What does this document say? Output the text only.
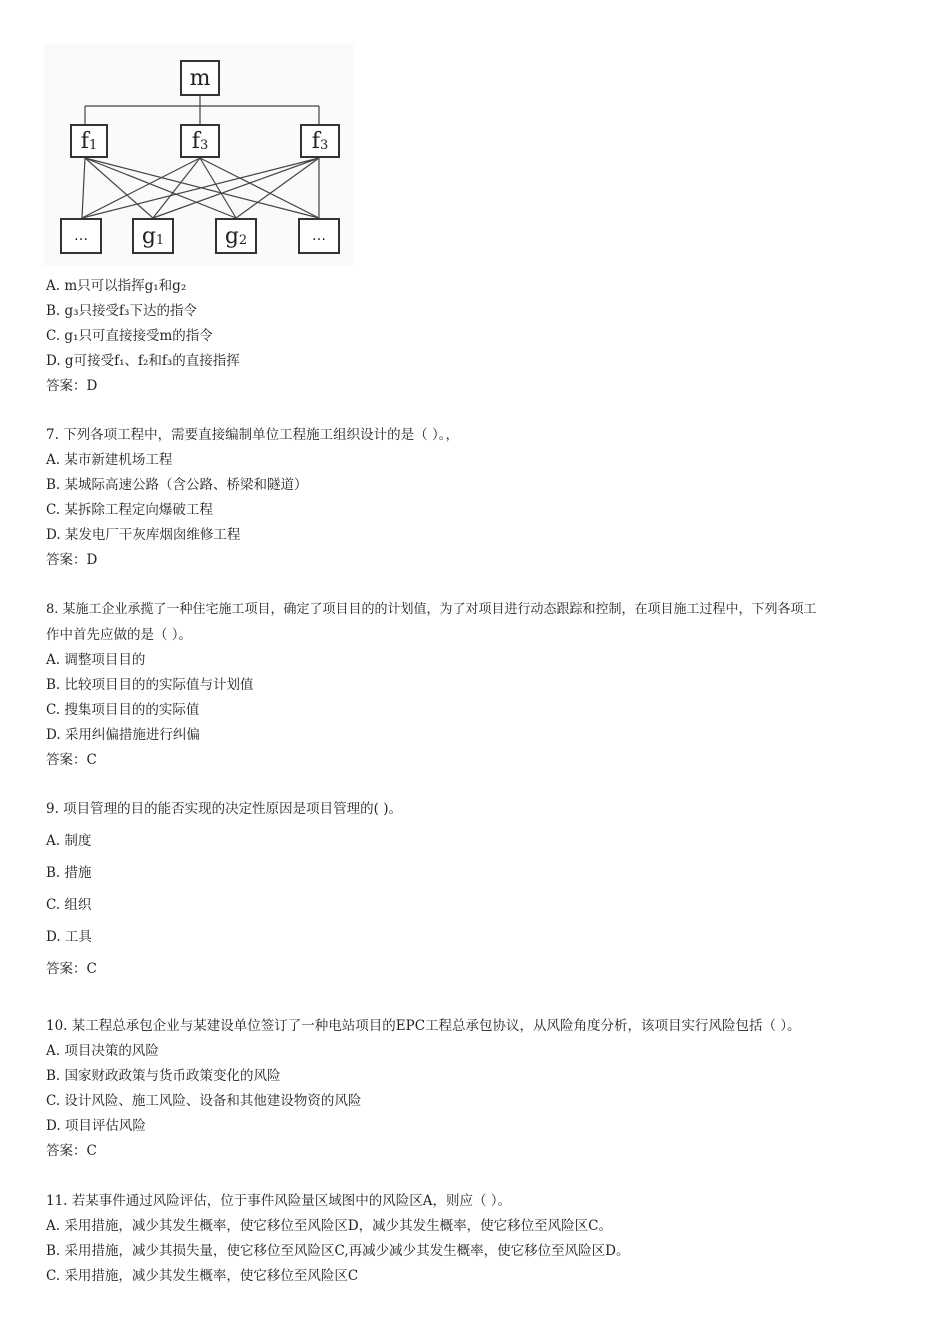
m
$f_1$	$f_3$	$f_3$
… $g_1$	$g_2$	…
A. m只可以指挥g₁和g₂
B. g₃只接受f₃下达的指令
C. g₁只可直接接受m的指令
D. g可接受f₁、f₂和f₃的直接指挥
答案：D
7. 下列各项工程中，需要直接编制单位工程施工组织设计的是（ ）。，
A. 某市新建机场工程
B. 某城际高速公路（含公路、桥梁和隧道）
C. 某拆除工程定向爆破工程
D. 某发电厂干灰库烟囱维修工程
答案：D
8. 某施工企业承揽了一种住宅施工项目，确定了项目目的的计划值，为了对项目进行动态跟踪和控制，在项目施工过程中，下列各项工
作中首先应做的是（ ）。
A. 调整项目目的
B. 比较项目目的的实际值与计划值
C. 搜集项目目的的实际值
D. 采用纠偏措施进行纠偏
答案：C
9. 项目管理的目的能否实现的决定性原因是项目管理的( )。
A. 制度
B. 措施
C. 组织
D. 工具
答案：C
10. 某工程总承包企业与某建设单位签订了一种电站项目的EPC工程总承包协议，从风险角度分析，该项目实行风险包括（ ）。
A. 项目决策的风险
B. 国家财政政策与货币政策变化的风险
C. 设计风险、施工风险、设备和其他建设物资的风险
D. 项目评估风险
答案：C
11. 若某事件通过风险评估，位于事件风险量区域图中的风险区A，则应（ ）。
A. 采用措施，减少其发生概率，使它移位至风险区D，减少其发生概率，使它移位至风险区C。
B. 采用措施，减少其损失量，使它移位至风险区C,再减少减少其发生概率，使它移位至风险区D。
C. 采用措施，减少其发生概率，使它移位至风险区C
